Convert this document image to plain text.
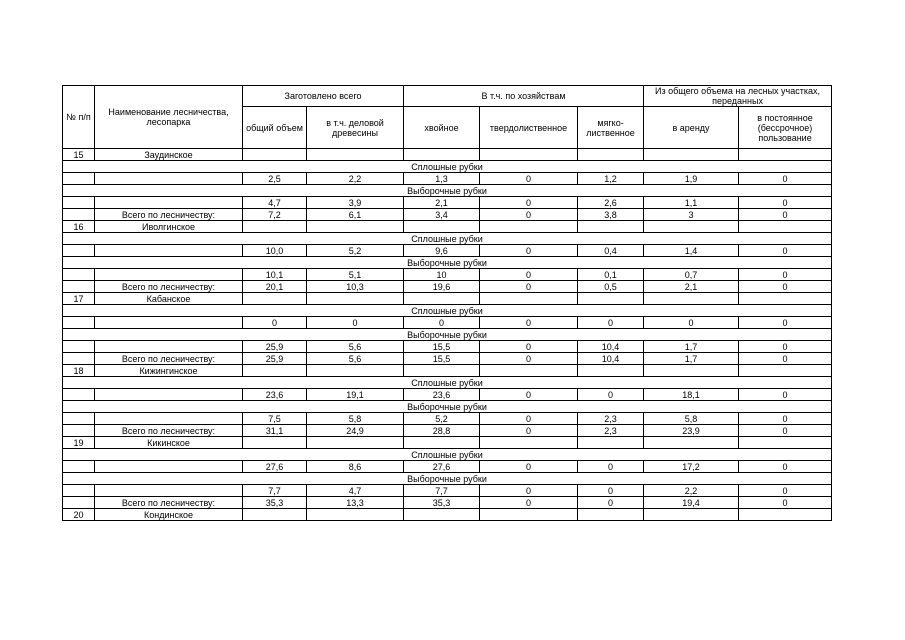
№ п/п	Наименование лесничества, лесопарка	Заготовлено всего		В т.ч. по хозяйствам			Из общего объема на лесных участках, переданных	
		общий объем	в т.ч. деловой древесины	хвойное	твердолиственное	мягко-лиственное	в аренду	в постоянное (бессрочное) пользование
15	Заудинское							
Сплошные рубки								
		2,5	2,2	1,3	0	1,2	1,9	0
Выборочные рубки								
		4,7	3,9	2,1	0	2,6	1,1	0
	Всего по лесничеству:	7,2	6,1	3,4	0	3,8	3	0
16	Иволгинское							
Сплошные рубки								
		10,0	5,2	9,6	0	0,4	1,4	0
Выборочные рубки								
		10,1	5,1	10	0	0,1	0,7	0
	Всего по лесничеству:	20,1	10,3	19,6	0	0,5	2,1	0
17	Кабанское							
Сплошные рубки								
		0	0	0	0	0	0	0
Выборочные рубки								
		25,9	5,6	15,5	0	10,4	1,7	0
	Всего по лесничеству:	25,9	5,6	15,5	0	10,4	1,7	0
18	Кижингинское							
Сплошные рубки								
		23,6	19,1	23,6	0	0	18,1	0
Выборочные рубки								
		7,5	5,8	5,2	0	2,3	5,8	0
	Всего по лесничеству:	31,1	24,9	28,8	0	2,3	23,9	0
19	Кикинское							
Сплошные рубки								
		27,6	8,6	27,6	0	0	17,2	0
Выборочные рубки								
		7,7	4,7	7,7	0	0	2,2	0
	Всего по лесничеству:	35,3	13,3	35,3	0	0	19,4	0
20	Кондинское							
